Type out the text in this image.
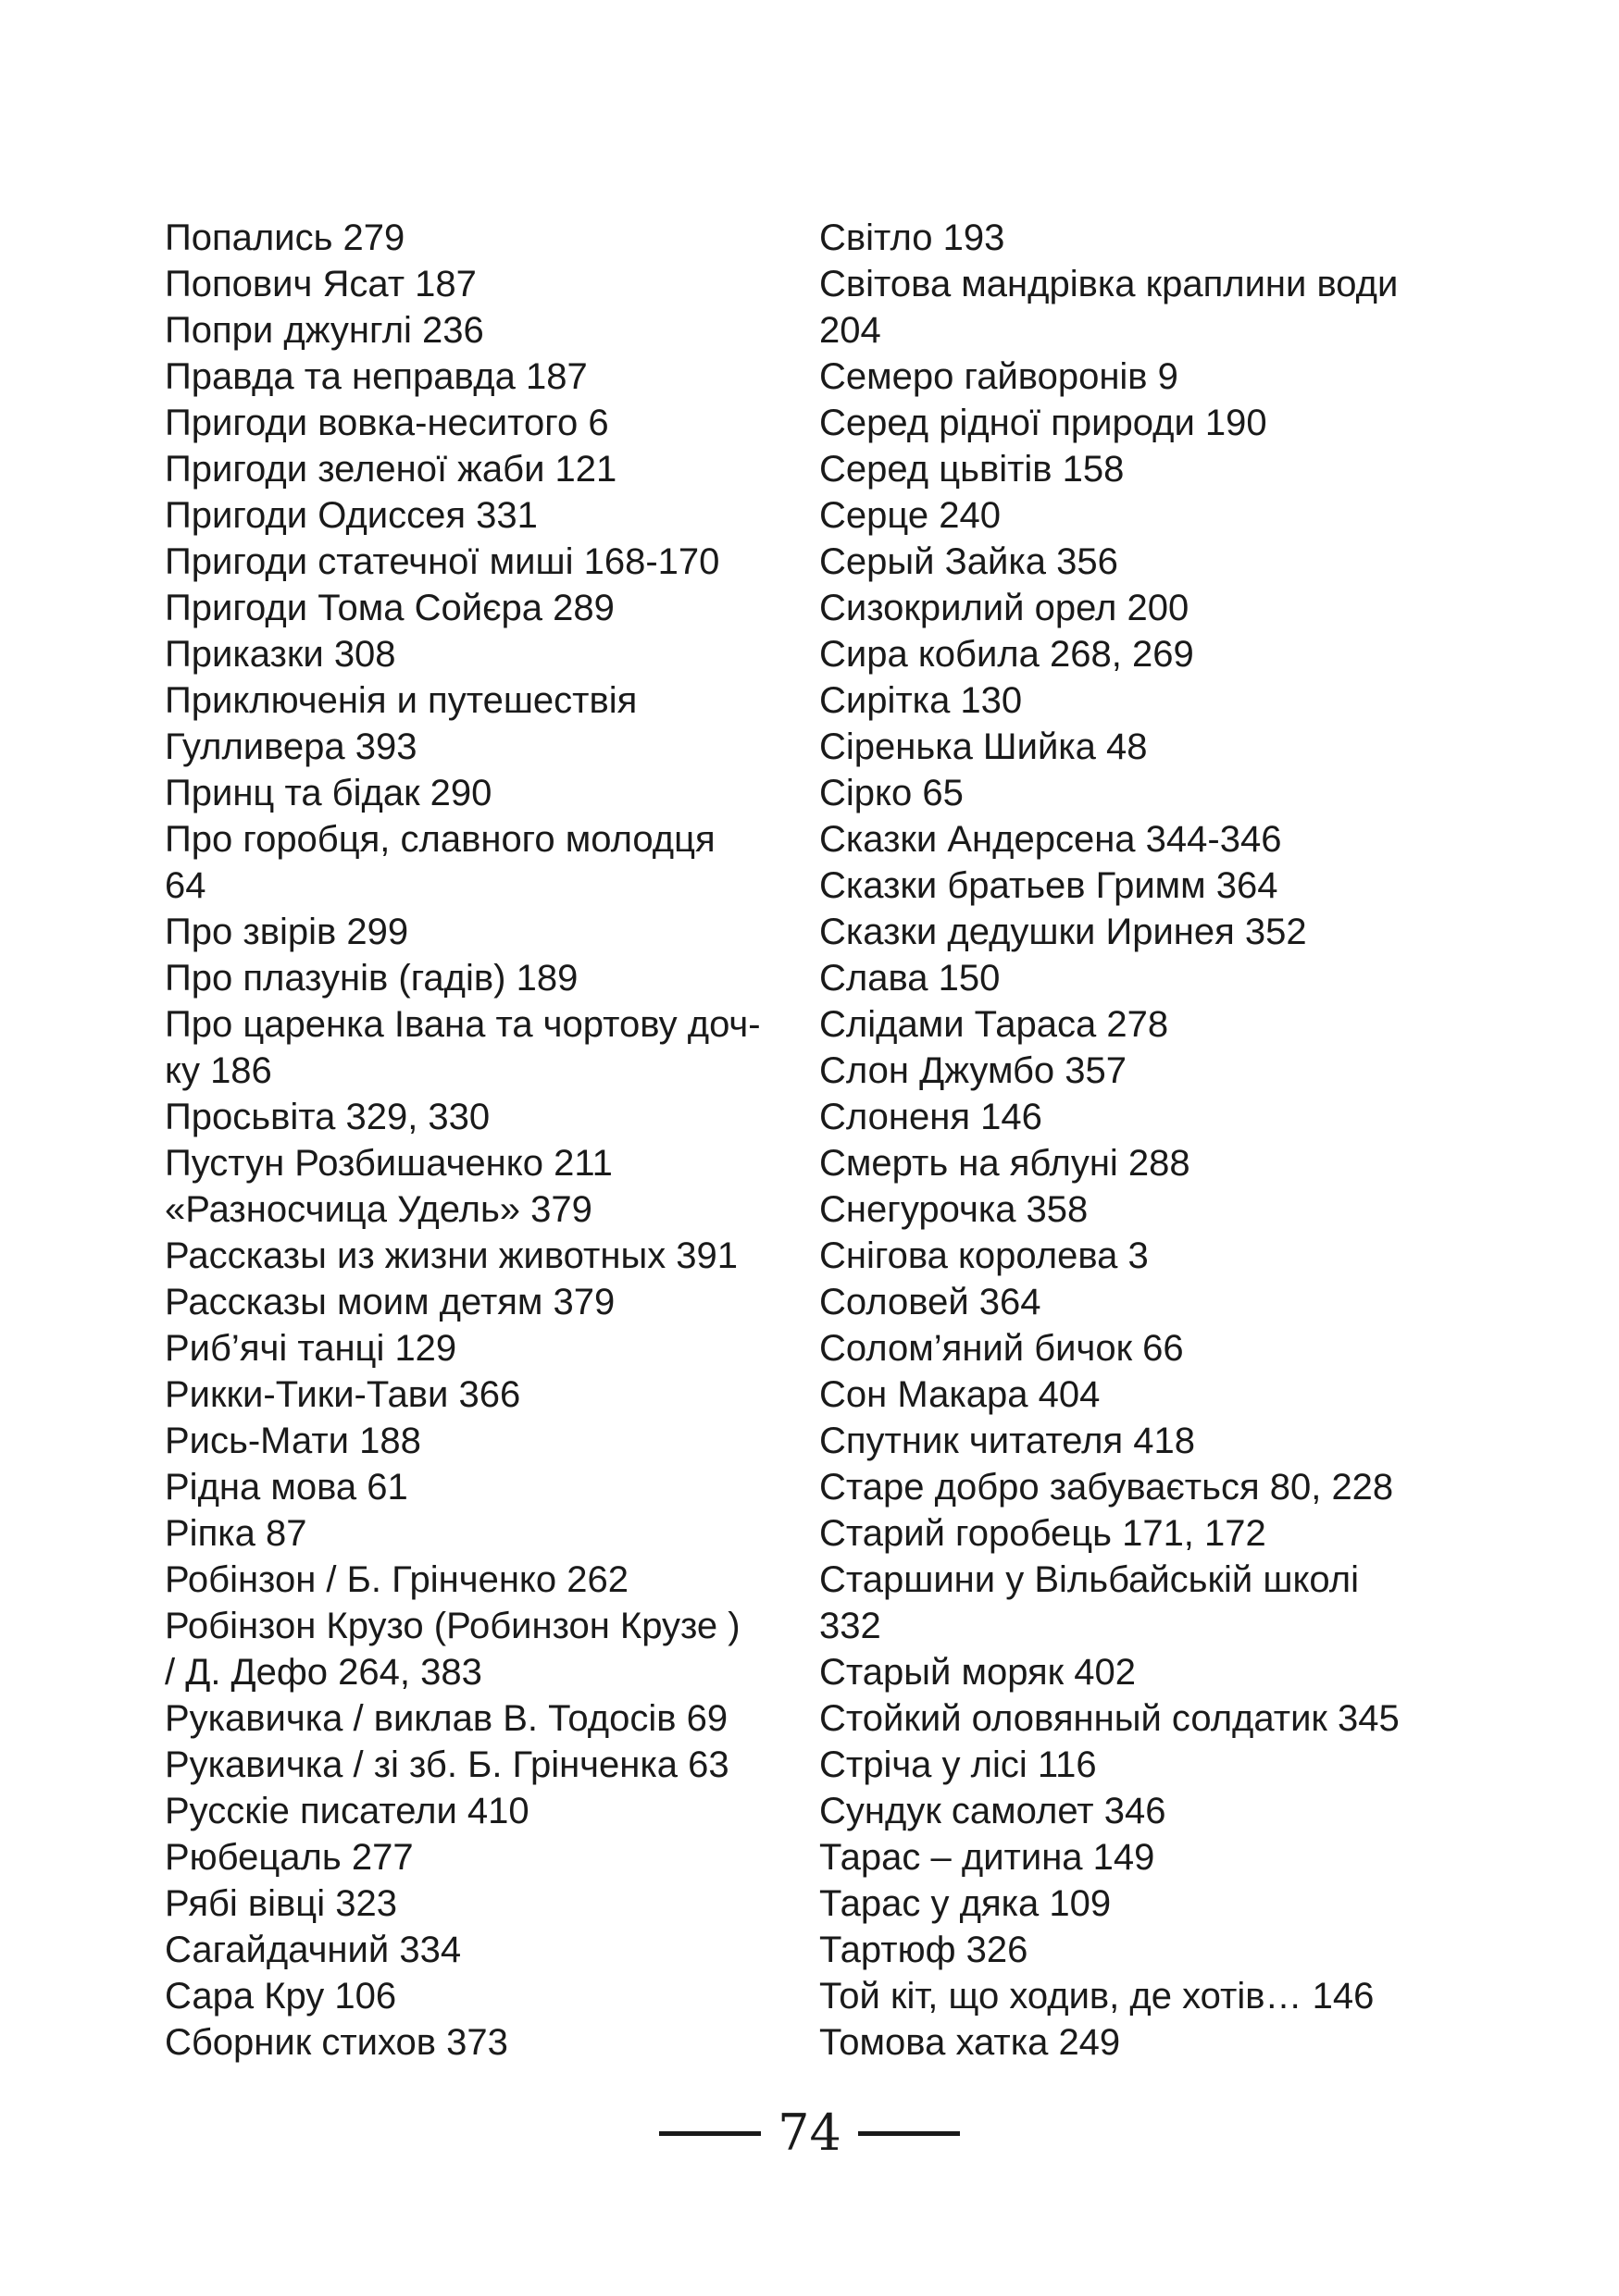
Попались 279
Попович Ясат 187
Попри джунглі 236
Правда та неправда 187
Пригоди вовка-неситого 6
Пригоди зеленої жаби 121
Пригоди Одиссея 331
Пригоди статечної миші 168-170
Пригоди Тома Сойєра 289
Приказки 308
Приключенія и путешествія
Гулливера 393
Принц та бідак 290
Про горобця, славного молодця
64
Про звірів 299
Про плазунів (гадів) 189
Про царенка Івана та чортову доч-
ку 186
Просьвіта 329, 330
Пустун Розбишаченко 211
«Разносчица Удель» 379
Рассказы из жизни животных 391
Рассказы моим детям 379
Риб’ячі танці 129
Рикки-Тики-Тави 366
Рись-Мати 188
Рідна мова 61
Ріпка 87
Робінзон / Б. Грінченко 262
Робінзон Крузо (Робинзон Крузе )
/ Д. Дефо 264, 383
Рукавичка / виклав В. Тодосів 69
Рукавичка / зі зб. Б. Грінченка 63
Русскіе писатели 410
Рюбецаль 277
Рябі вівці 323
Сагайдачний 334
Сара Кру 106
Сборник стихов 373
Світло 193
Світова мандрівка краплини води
204
Семеро гайворонів 9
Серед рідної природи 190
Серед цьвітів 158
Серце 240
Серый Зайка 356
Сизокрилий орел 200
Сира кобила 268, 269
Сирітка 130
Сіренька Шийка 48
Сірко 65
Сказки Андерсена 344-346
Сказки братьев Гримм 364
Сказки дедушки Иринея 352
Слава 150
Слідами Тараса 278
Слон Джумбо 357
Слоненя 146
Смерть на яблуні 288
Снегурочка 358
Снігова королева 3
Соловей 364
Солом’яний бичок 66
Сон Макара 404
Спутник читателя 418
Старе добро забувається 80, 228
Старий горобець 171, 172
Старшини у Вільбайській школі
332
Старый моряк 402
Стойкий оловянный солдатик 345
Стріча у лісі 116
Сундук самолет 346
Тарас – дитина 149
Тарас у дяка 109
Тартюф 326
Той кіт, що ходив, де хотів… 146
Томова хатка 249
74
